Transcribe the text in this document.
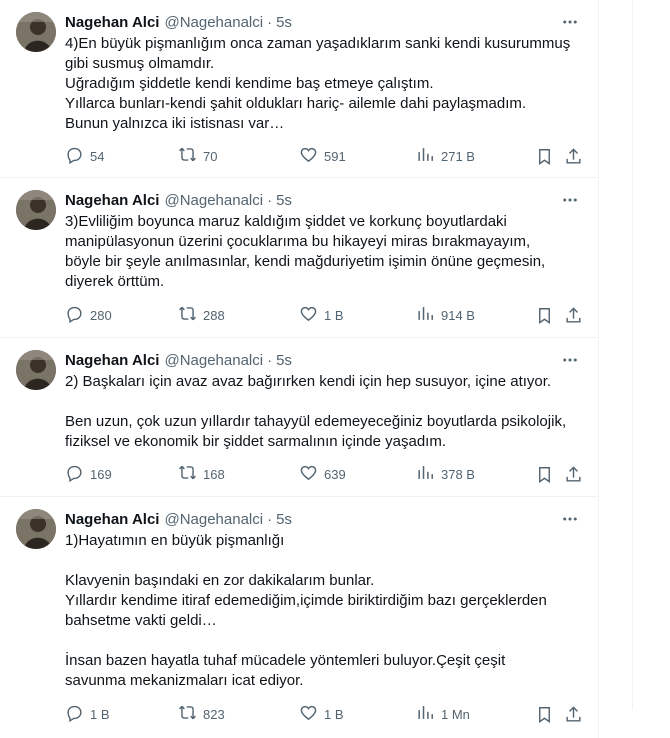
Nagehan Alci @Nagehanalci · 5s

4)En büyük pişmanlığım onca zaman yaşadıklarım sanki kendi kusurummuş
gibi susmuş olmamdır.
Uğradığım şiddetle kendi kendime baş etmeye çalıştım.
Yıllarca bunları-kendi şahit oldukları hariç- ailemle dahi paylaşmadım.
Bunun yalnızca iki istisnası var…

54	70	591	271 B
Nagehan Alci @Nagehanalci · 5s

3)Evliliğim boyunca maruz kaldığım şiddet ve korkunç boyutlardaki
manipülasyonun üzerini çocuklarıma bu hikayeyi miras bırakmayayım,
böyle bir şeyle anılmasınlar, kendi mağduriyetim işimin önüne geçmesin,
diyerek örttüm.

280	288	1 B	914 B
Nagehan Alci @Nagehanalci · 5s

2) Başkaları için avaz avaz bağırırken kendi için hep susuyor, içine atıyor.

Ben uzun, çok uzun yıllardır tahayyül edemeyeceğiniz boyutlarda psikolojik,
fiziksel ve ekonomik bir şiddet sarmalının içinde yaşadım.

169	168	639	378 B
Nagehan Alci @Nagehanalci · 5s

1)Hayatımın en büyük pişmanlığı

Klavyenin başındaki en zor dakikalarım bunlar.
Yıllardır kendime itiraf edemediğim,içimde biriktirdiğim bazı gerçeklerden
bahsetme vakti geldi…

İnsan bazen hayatla tuhaf mücadele yöntemleri buluyor.Çeşit çeşit
savunma mekanizmaları icat ediyor.

1 B	823	1 B	1 Mn
